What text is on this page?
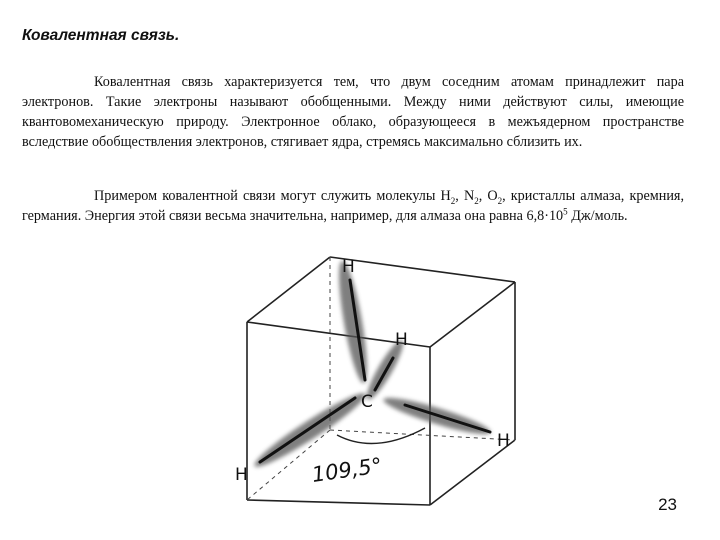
Ковалентная связь.

Ковалентная связь характеризуется тем, что двум соседним атомам принадлежит пара электронов. Такие электроны называют обобщенными. Между ними действуют силы, имеющие квантовомеханическую природу. Электронное облако, образующееся в межъядерном пространстве вследствие обобществления электронов, стягивает ядра, стремясь максимально сблизить их.

Примером ковалентной связи могут служить молекулы $H_2$, $N_2$, $O_2$, кристаллы алмаза, кремния, германия. Энергия этой связи весьма значительна, например, для алмаза она равна $6,8\cdot 10^5$ Дж/моль.

H
H
H
H
C
109,5°
23
